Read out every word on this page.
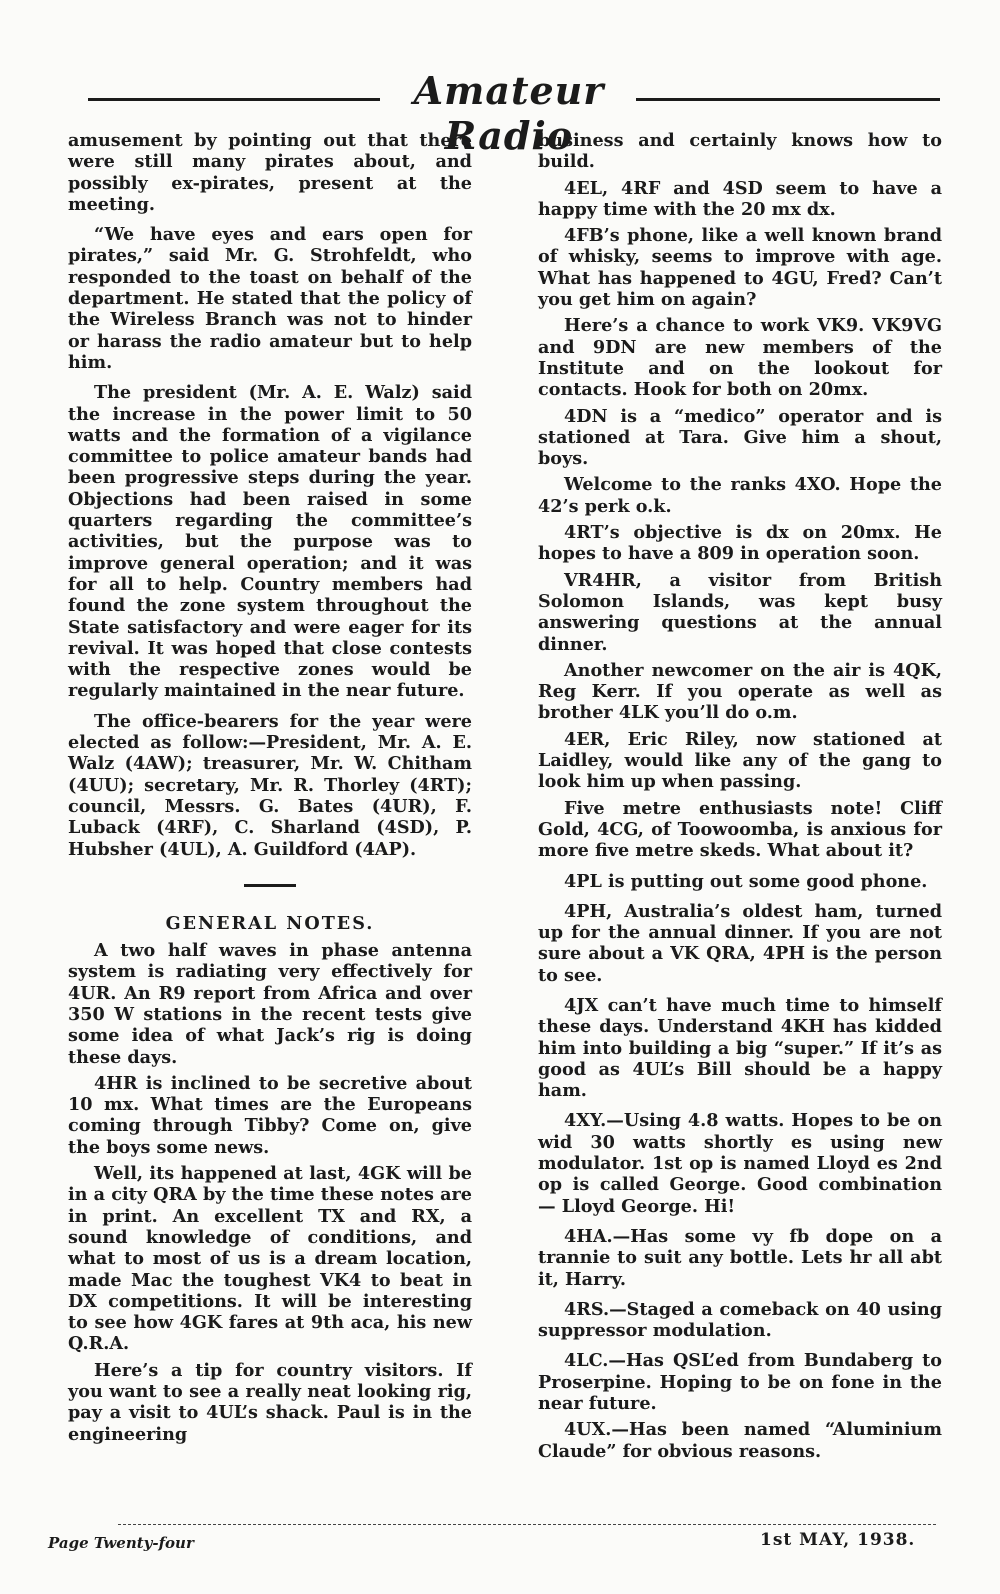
Amateur Radio

amusement by pointing out that there were still many pirates about, and possibly ex-pirates, present at the meeting.

“We have eyes and ears open for pirates,” said Mr. G. Strohfeldt, who responded to the toast on behalf of the department. He stated that the policy of the Wireless Branch was not to hinder or harass the radio amateur but to help him.

The president (Mr. A. E. Walz) said the increase in the power limit to 50 watts and the formation of a vigilance committee to police amateur bands had been progressive steps during the year. Objections had been raised in some quarters regarding the committee’s activities, but the purpose was to improve general operation; and it was for all to help. Country members had found the zone system throughout the State satisfactory and were eager for its revival. It was hoped that close contests with the respective zones would be regularly maintained in the near future.

The office-bearers for the year were elected as follow:—President, Mr. A. E. Walz (4AW); treasurer, Mr. W. Chitham (4UU); secretary, Mr. R. Thorley (4RT); council, Messrs. G. Bates (4UR), F. Luback (4RF), C. Sharland (4SD), P. Hubsher (4UL), A. Guildford (4AP).

GENERAL NOTES.

A two half waves in phase antenna system is radiating very effectively for 4UR. An R9 report from Africa and over 350 W stations in the recent tests give some idea of what Jack’s rig is doing these days.

4HR is inclined to be secretive about 10 mx. What times are the Europeans coming through Tibby? Come on, give the boys some news.

Well, its happened at last, 4GK will be in a city QRA by the time these notes are in print. An excellent TX and RX, a sound knowledge of conditions, and what to most of us is a dream location, made Mac the toughest VK4 to beat in DX competitions. It will be interesting to see how 4GK fares at 9th aca, his new Q.R.A.

Here’s a tip for country visitors. If you want to see a really neat looking rig, pay a visit to 4UL’s shack. Paul is in the engineering

business and certainly knows how to build.

4EL, 4RF and 4SD seem to have a happy time with the 20 mx dx.

4FB’s phone, like a well known brand of whisky, seems to improve with age. What has happened to 4GU, Fred? Can’t you get him on again?

Here’s a chance to work VK9. VK9VG and 9DN are new members of the Institute and on the lookout for contacts. Hook for both on 20mx.

4DN is a “medico” operator and is stationed at Tara. Give him a shout, boys.

Welcome to the ranks 4XO. Hope the 42’s perk o.k.

4RT’s objective is dx on 20mx. He hopes to have a 809 in operation soon.

VR4HR, a visitor from British Solomon Islands, was kept busy answering questions at the annual dinner.

Another newcomer on the air is 4QK, Reg Kerr. If you operate as well as brother 4LK you’ll do o.m.

4ER, Eric Riley, now stationed at Laidley, would like any of the gang to look him up when passing.

Five metre enthusiasts note! Cliff Gold, 4CG, of Toowoomba, is anxious for more five metre skeds. What about it?

4PL is putting out some good phone.

4PH, Australia’s oldest ham, turned up for the annual dinner. If you are not sure about a VK QRA, 4PH is the person to see.

4JX can’t have much time to himself these days. Understand 4KH has kidded him into building a big “super.” If it’s as good as 4UL’s Bill should be a happy ham.

4XY.—Using 4.8 watts. Hopes to be on wid 30 watts shortly es using new modulator. 1st op is named Lloyd es 2nd op is called George. Good combination — Lloyd George. Hi!

4HA.—Has some vy fb dope on a trannie to suit any bottle. Lets hr all abt it, Harry.

4RS.—Staged a comeback on 40 using suppressor modulation.

4LC.—Has QSL’ed from Bundaberg to Proserpine. Hoping to be on fone in the near future.

4UX.—Has been named “Aluminium Claude” for obvious reasons.

Page Twenty-four	1st MAY, 1938.
